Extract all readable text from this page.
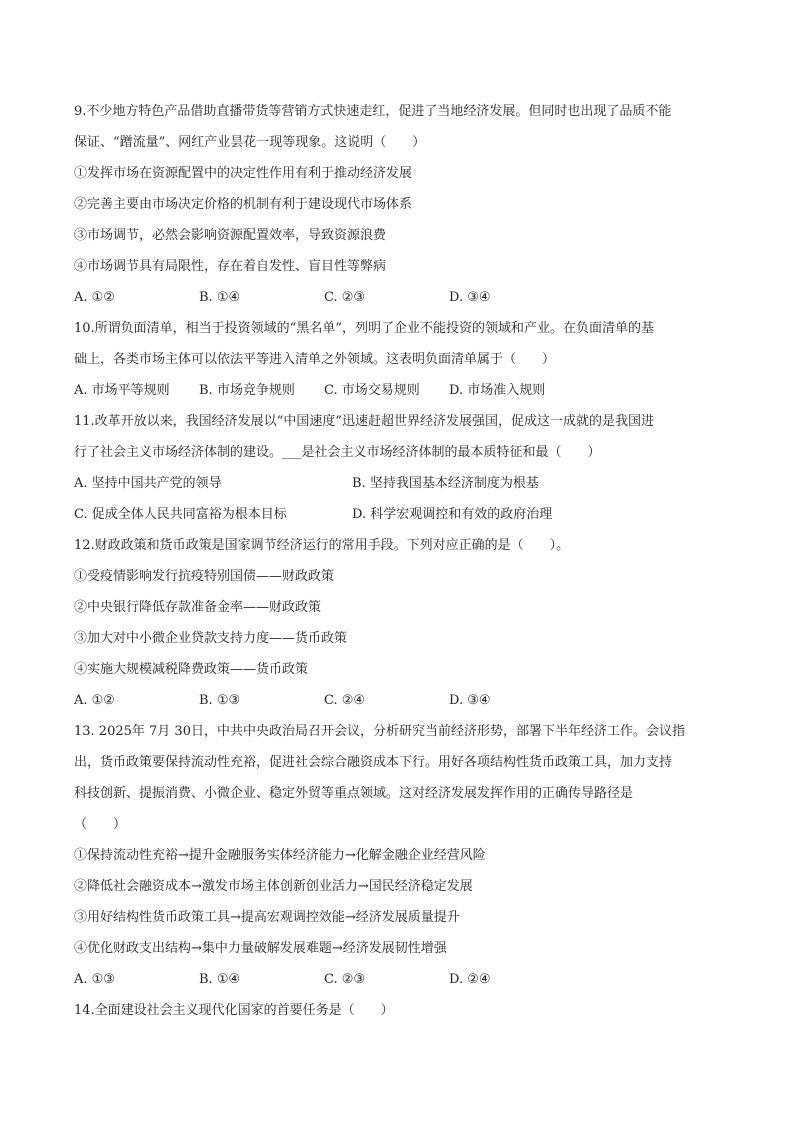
9.不少地方特色产品借助直播带货等营销方式快速走红，促进了当地经济发展。但同时也出现了品质不能
保证、“蹭流量”、网红产业昙花一现等现象。这说明（　　）
①发挥市场在资源配置中的决定性作用有利于推动经济发展
②完善主要由市场决定价格的机制有利于建设现代市场体系
③市场调节，必然会影响资源配置效率，导致资源浪费
④市场调节具有局限性，存在着自发性、盲目性等弊病
A. ①②	B. ①④	C. ②③	D. ③④
10.所谓负面清单，相当于投资领域的“黑名单”，列明了企业不能投资的领域和产业。在负面清单的基
础上，各类市场主体可以依法平等进入清单之外领域。这表明负面清单属于（　　）
A. 市场平等规则	B. 市场竞争规则	C. 市场交易规则	D. 市场准入规则
11.改革开放以来，我国经济发展以“中国速度”迅速赶超世界经济发展强国，促成这一成就的是我国进
行了社会主义市场经济体制的建设。___是社会主义市场经济体制的最本质特征和最（　　）
A. 坚持中国共产党的领导	B. 坚持我国基本经济制度为根基
C. 促成全体人民共同富裕为根本目标	D. 科学宏观调控和有效的政府治理
12.财政政策和货币政策是国家调节经济运行的常用手段。下列对应正确的是（　　）。
①受疫情影响发行抗疫特别国债——财政政策
②中央银行降低存款准备金率——财政政策
③加大对中小微企业贷款支持力度——货币政策
④实施大规模减税降费政策——货币政策
A. ①②	B. ①③	C. ②④	D. ③④
13. 2025年 7月 30日，中共中央政治局召开会议，分析研究当前经济形势，部署下半年经济工作。会议指
出，货币政策要保持流动性充裕，促进社会综合融资成本下行。用好各项结构性货币政策工具，加力支持
科技创新、提振消费、小微企业、稳定外贸等重点领域。这对经济发展发挥作用的正确传导路径是
（　　）
①保持流动性充裕→提升金融服务实体经济能力→化解金融企业经营风险
②降低社会融资成本→激发市场主体创新创业活力→国民经济稳定发展
③用好结构性货币政策工具→提高宏观调控效能→经济发展质量提升
④优化财政支出结构→集中力量破解发展难题→经济发展韧性增强
A. ①③	B. ①④	C. ②③	D. ②④
14.全面建设社会主义现代化国家的首要任务是（　　）
